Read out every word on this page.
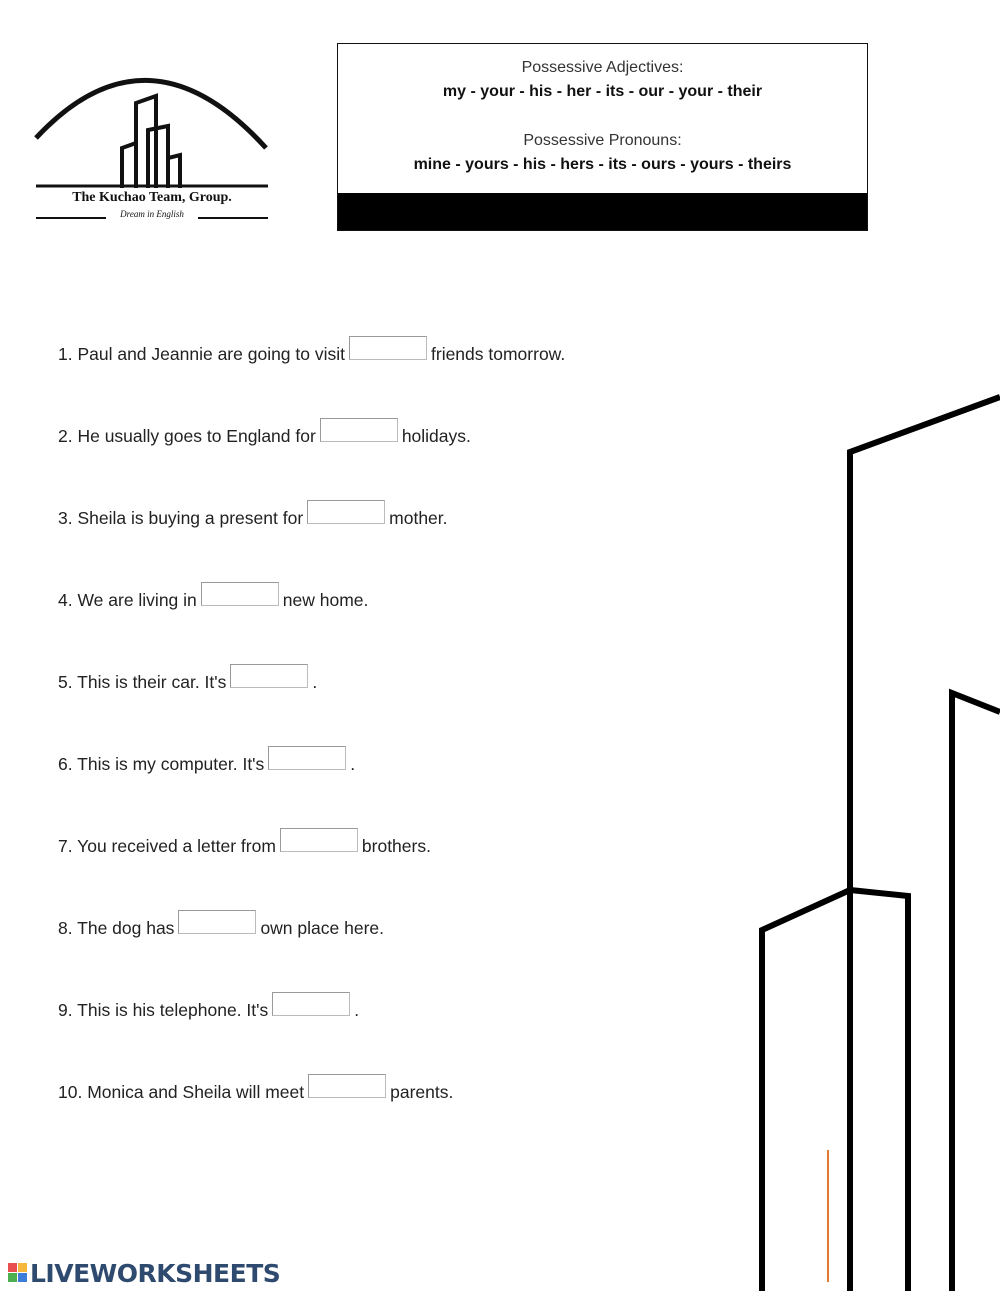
The Kuchao Team, Group.
Dream in English
Possessive Adjectives:
my - your - his - her - its - our - your - their
Possessive Pronouns:
mine - yours - his - hers - its - ours - yours - theirs
1. Paul and Jeannie are going to visit	friends tomorrow.
2. He usually goes to England for	holidays.
3. Sheila is buying a present for	mother.
4. We are living in	new home.
5. This is their car. It's	.
6. This is my computer. It's	.
7. You received a letter from	brothers.
8. The dog has	own place here.
9. This is his telephone. It's	.
10. Monica and Sheila will meet	parents.
LIVEWORKSHEETS
